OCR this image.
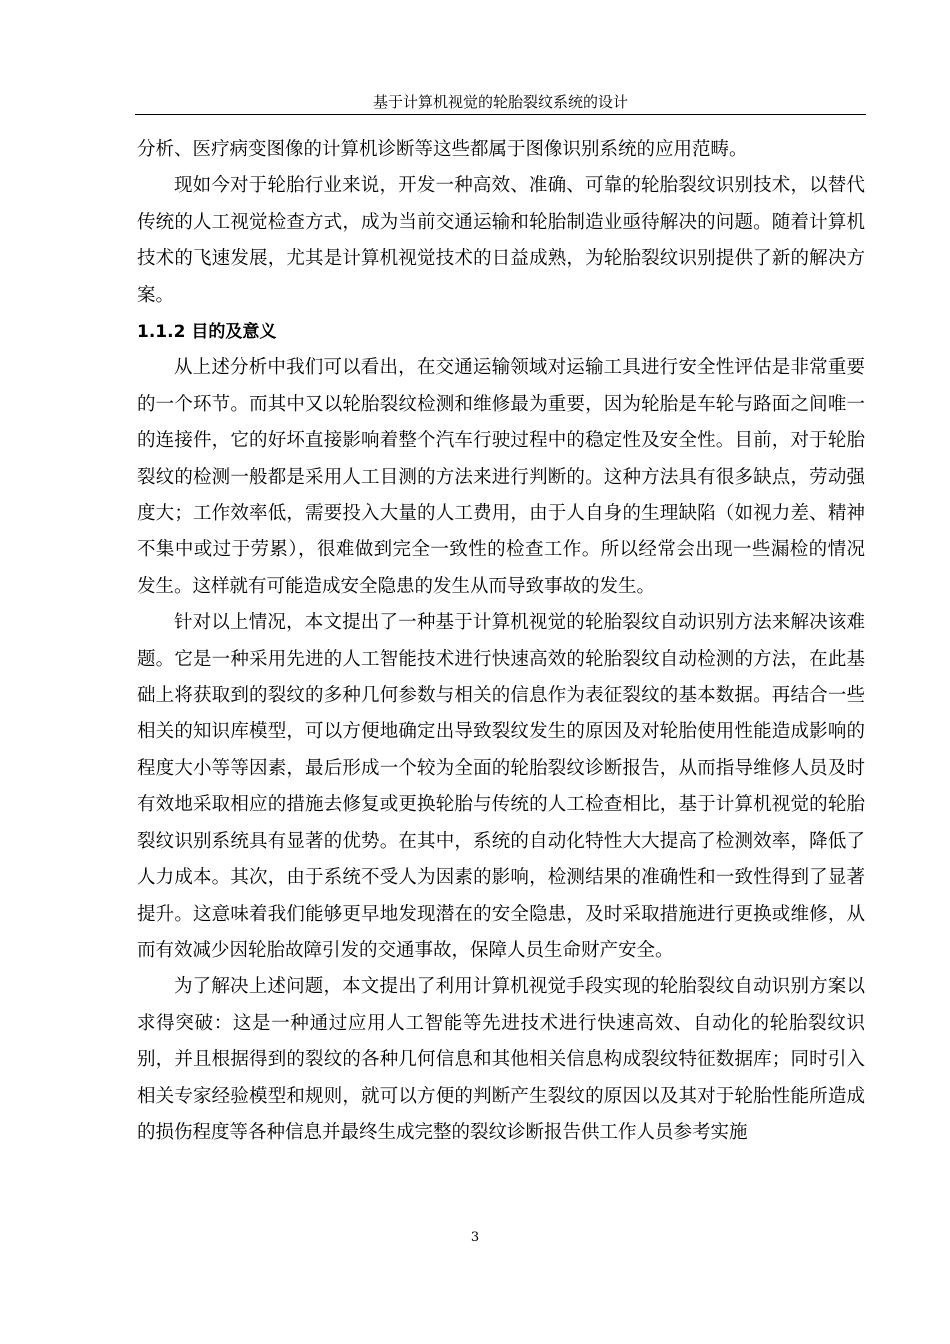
基于计算机视觉的轮胎裂纹系统的设计

分析、医疗病变图像的计算机诊断等这些都属于图像识别系统的应用范畴。

现如今对于轮胎行业来说，开发一种高效、准确、可靠的轮胎裂纹识别技术，以替代传统的人工视觉检查方式，成为当前交通运输和轮胎制造业亟待解决的问题。随着计算机技术的飞速发展，尤其是计算机视觉技术的日益成熟，为轮胎裂纹识别提供了新的解决方案。

1.1.2 目的及意义

从上述分析中我们可以看出，在交通运输领域对运输工具进行安全性评估是非常重要的一个环节。而其中又以轮胎裂纹检测和维修最为重要，因为轮胎是车轮与路面之间唯一的连接件，它的好坏直接影响着整个汽车行驶过程中的稳定性及安全性。目前，对于轮胎裂纹的检测一般都是采用人工目测的方法来进行判断的。这种方法具有很多缺点，劳动强度大；工作效率低，需要投入大量的人工费用，由于人自身的生理缺陷（如视力差、精神不集中或过于劳累），很难做到完全一致性的检查工作。所以经常会出现一些漏检的情况发生。这样就有可能造成安全隐患的发生从而导致事故的发生。

针对以上情况，本文提出了一种基于计算机视觉的轮胎裂纹自动识别方法来解决该难题。它是一种采用先进的人工智能技术进行快速高效的轮胎裂纹自动检测的方法，在此基础上将获取到的裂纹的多种几何参数与相关的信息作为表征裂纹的基本数据。再结合一些相关的知识库模型，可以方便地确定出导致裂纹发生的原因及对轮胎使用性能造成影响的程度大小等等因素，最后形成一个较为全面的轮胎裂纹诊断报告，从而指导维修人员及时有效地采取相应的措施去修复或更换轮胎与传统的人工检查相比，基于计算机视觉的轮胎裂纹识别系统具有显著的优势。在其中，系统的自动化特性大大提高了检测效率，降低了人力成本。其次，由于系统不受人为因素的影响，检测结果的准确性和一致性得到了显著提升。这意味着我们能够更早地发现潜在的安全隐患，及时采取措施进行更换或维修，从而有效减少因轮胎故障引发的交通事故，保障人员生命财产安全。

为了解决上述问题，本文提出了利用计算机视觉手段实现的轮胎裂纹自动识别方案以求得突破：这是一种通过应用人工智能等先进技术进行快速高效、自动化的轮胎裂纹识别，并且根据得到的裂纹的各种几何信息和其他相关信息构成裂纹特征数据库；同时引入相关专家经验模型和规则，就可以方便的判断产生裂纹的原因以及其对于轮胎性能所造成的损伤程度等各种信息并最终生成完整的裂纹诊断报告供工作人员参考实施

3
